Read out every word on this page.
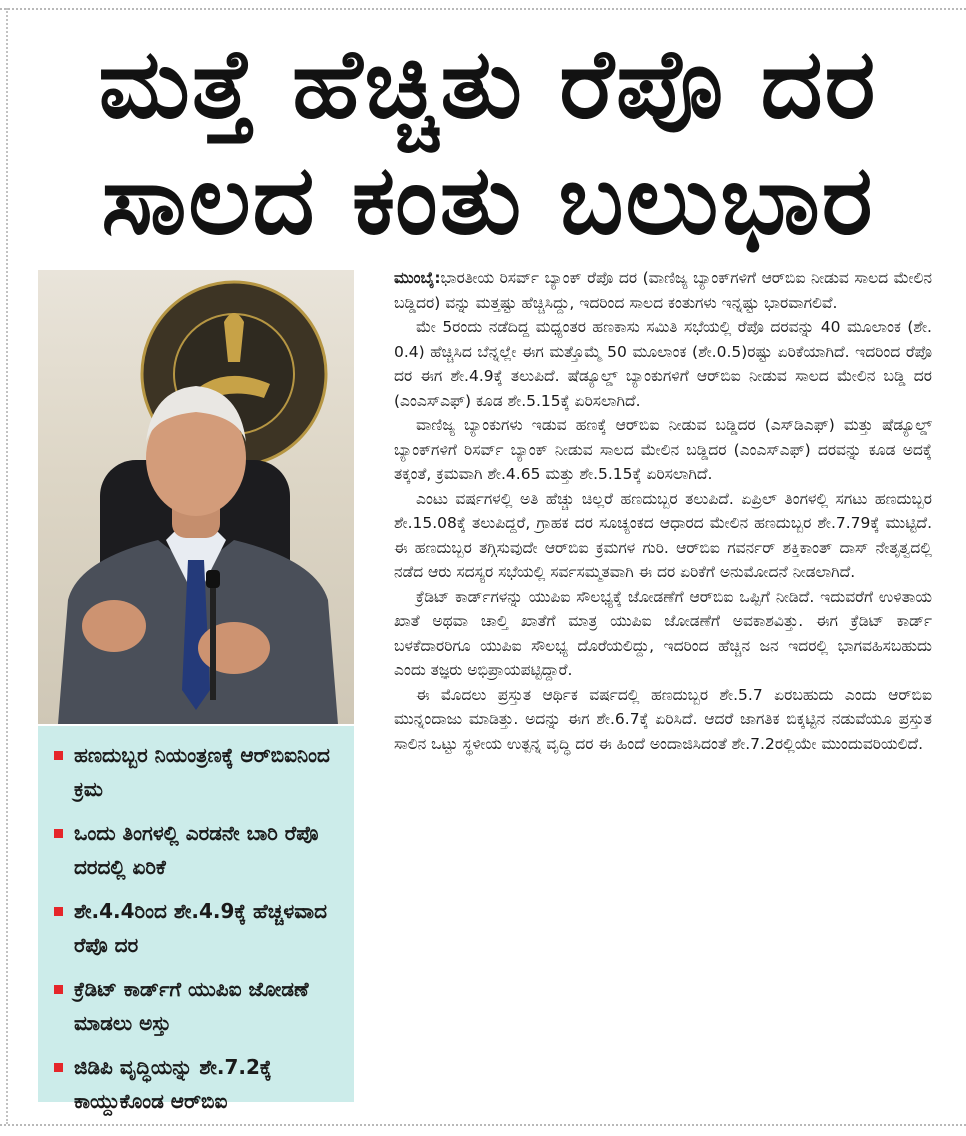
ಮತ್ತೆ ಹೆಚ್ಚಿತು ರೆಪೊ ದರ
ಸಾಲದ ಕಂತು ಬಲುಭಾರ
ಹಣದುಬ್ಬರ ನಿಯಂತ್ರಣಕ್ಕೆ ಆರ್‌ಬಿಐನಿಂದ ಕ್ರಮ
ಒಂದು ತಿಂಗಳಲ್ಲಿ ಎರಡನೇ ಬಾರಿ ರೆಪೊ ದರದಲ್ಲಿ ಏರಿಕೆ
ಶೇ.4.4ರಿಂದ ಶೇ.4.9ಕ್ಕೆ ಹೆಚ್ಚಳವಾದ ರೆಪೊ ದರ
ಕ್ರೆಡಿಟ್ ಕಾರ್ಡ್‌ಗೆ ಯುಪಿಐ ಜೋಡಣೆ ಮಾಡಲು ಅಸ್ತು
ಜಿಡಿಪಿ ವೃದ್ಧಿಯನ್ನು ಶೇ.7.2ಕ್ಕೆ ಕಾಯ್ದುಕೊಂಡ ಆರ್‌ಬಿಐ

ಮುಂಬೈ:ಭಾರತೀಯ ರಿಸರ್ವ್ ಬ್ಯಾಂಕ್ ರೆಪೊ ದರ (ವಾಣಿಜ್ಯ ಬ್ಯಾಂಕ್‌ಗಳಿಗೆ ಆರ್‌ಬಿಐ ನೀಡುವ ಸಾಲದ ಮೇಲಿನ ಬಡ್ಡಿದರ) ವನ್ನು ಮತ್ತಷ್ಟು ಹೆಚ್ಚಿಸಿದ್ದು, ಇದರಿಂದ ಸಾಲದ ಕಂತುಗಳು ಇನ್ನಷ್ಟು ಭಾರವಾಗಲಿವೆ.

ಮೇ 5ರಂದು ನಡೆದಿದ್ದ ಮಧ್ಯಂತರ ಹಣಕಾಸು ಸಮಿತಿ ಸಭೆಯಲ್ಲಿ ರೆಪೊ ದರವನ್ನು 40 ಮೂಲಾಂಕ (ಶೇ. 0.4) ಹೆಚ್ಚಿಸಿದ ಬೆನ್ನಲ್ಲೇ ಈಗ ಮತ್ತೊಮ್ಮೆ 50 ಮೂಲಾಂಕ (ಶೇ.0.5)ರಷ್ಟು ಏರಿಕೆಯಾಗಿದೆ. ಇದರಿಂದ ರೆಪೊ ದರ ಈಗ ಶೇ.4.9ಕ್ಕೆ ತಲುಪಿದೆ. ಷೆಡ್ಯೂಲ್ಡ್ ಬ್ಯಾಂಕುಗಳಿಗೆ ಆರ್‌ಬಿಐ ನೀಡುವ ಸಾಲದ ಮೇಲಿನ ಬಡ್ಡಿ ದರ (ಎಂಎಸ್‌ಎಫ್) ಕೂಡ ಶೇ.5.15ಕ್ಕೆ ಏರಿಸಲಾಗಿದೆ.

ವಾಣಿಜ್ಯ ಬ್ಯಾಂಕುಗಳು ಇಡುವ ಹಣಕ್ಕೆ ಆರ್‌ಬಿಐ ನೀಡುವ ಬಡ್ಡಿದರ (ಎಸ್‌ಡಿಎಫ್) ಮತ್ತು ಷೆಡ್ಯೂಲ್ಡ್ ಬ್ಯಾಂಕ್‌ಗಳಿಗೆ ರಿಸರ್ವ್ ಬ್ಯಾಂಕ್ ನೀಡುವ ಸಾಲದ ಮೇಲಿನ ಬಡ್ಡಿದರ (ಎಂಎಸ್‌ಎಫ್) ದರವನ್ನು ಕೂಡ ಅದಕ್ಕೆ ತಕ್ಕಂತೆ, ಕ್ರಮವಾಗಿ ಶೇ.4.65 ಮತ್ತು ಶೇ.5.15ಕ್ಕೆ ಏರಿಸಲಾಗಿದೆ.

ಎಂಟು ವರ್ಷಗಳಲ್ಲಿ ಅತಿ ಹೆಚ್ಚು ಚಿಲ್ಲರೆ ಹಣದುಬ್ಬರ ತಲುಪಿದೆ. ಏಪ್ರಿಲ್ ತಿಂಗಳಲ್ಲಿ ಸಗಟು ಹಣದುಬ್ಬರ ಶೇ.15.08ಕ್ಕೆ ತಲುಪಿದ್ದರೆ, ಗ್ರಾಹಕ ದರ ಸೂಚ್ಯಂಕದ ಆಧಾರದ ಮೇಲಿನ ಹಣದುಬ್ಬರ ಶೇ.7.79ಕ್ಕೆ ಮುಟ್ಟಿದೆ. ಈ ಹಣದುಬ್ಬರ ತಗ್ಗಿಸುವುದೇ ಆರ್‌ಬಿಐ ಕ್ರಮಗಳ ಗುರಿ. ಆರ್‌ಬಿಐ ಗವರ್ನರ್ ಶಕ್ತಿಕಾಂತ್ ದಾಸ್ ನೇತೃತ್ವದಲ್ಲಿ ನಡೆದ ಆರು ಸದಸ್ಯರ ಸಭೆಯಲ್ಲಿ ಸರ್ವಸಮ್ಮತವಾಗಿ ಈ ದರ ಏರಿಕೆಗೆ ಅನುಮೋದನೆ ನೀಡಲಾಗಿದೆ.

ಕ್ರೆಡಿಟ್ ಕಾರ್ಡ್‌ಗಳನ್ನು ಯುಪಿಐ ಸೌಲಭ್ಯಕ್ಕೆ ಜೋಡಣೆಗೆ ಆರ್‌ಬಿಐ ಒಪ್ಪಿಗೆ ನೀಡಿದೆ. ಇದುವರೆಗೆ ಉಳಿತಾಯ ಖಾತೆ ಅಥವಾ ಚಾಲ್ತಿ ಖಾತೆಗೆ ಮಾತ್ರ ಯುಪಿಐ ಜೋಡಣೆಗೆ ಅವಕಾಶವಿತ್ತು. ಈಗ ಕ್ರೆಡಿಟ್ ಕಾರ್ಡ್ ಬಳಕೆದಾರರಿಗೂ ಯುಪಿಐ ಸೌಲಭ್ಯ ದೊರೆಯಲಿದ್ದು, ಇದರಿಂದ ಹೆಚ್ಚಿನ ಜನ ಇದರಲ್ಲಿ ಭಾಗವಹಿಸಬಹುದು ಎಂದು ತಜ್ಞರು ಅಭಿಪ್ರಾಯಪಟ್ಟಿದ್ದಾರೆ.

ಈ ಮೊದಲು ಪ್ರಸ್ತುತ ಆರ್ಥಿಕ ವರ್ಷದಲ್ಲಿ ಹಣದುಬ್ಬರ ಶೇ.5.7 ಏರಬಹುದು ಎಂದು ಆರ್‌ಬಿಐ ಮುನ್ನಂದಾಜು ಮಾಡಿತ್ತು. ಅದನ್ನು ಈಗ ಶೇ.6.7ಕ್ಕೆ ಏರಿಸಿದೆ. ಆದರೆ ಜಾಗತಿಕ ಬಿಕ್ಕಟ್ಟಿನ ನಡುವೆಯೂ ಪ್ರಸ್ತುತ ಸಾಲಿನ ಒಟ್ಟು ಸ್ಥಳೀಯ ಉತ್ಪನ್ನ ವೃದ್ಧಿ ದರ ಈ ಹಿಂದೆ ಅಂದಾಜಿಸಿದಂತೆ ಶೇ.7.2ರಲ್ಲಿಯೇ ಮುಂದುವರಿಯಲಿದೆ.
